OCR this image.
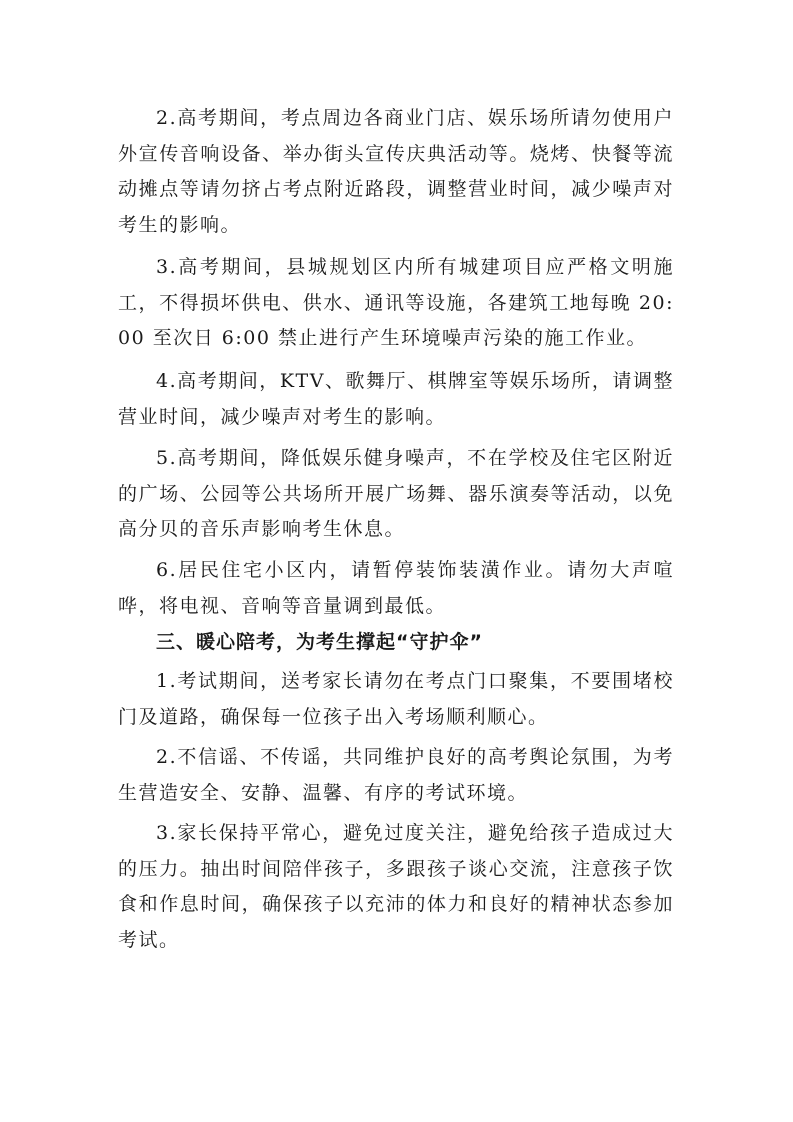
2.高考期间，考点周边各商业门店、娱乐场所请勿使用户外宣传音响设备、举办街头宣传庆典活动等。烧烤、快餐等流动摊点等请勿挤占考点附近路段，调整营业时间，减少噪声对考生的影响。

3.高考期间，县城规划区内所有城建项目应严格文明施工，不得损坏供电、供水、通讯等设施，各建筑工地每晚 20:00 至次日 6:00 禁止进行产生环境噪声污染的施工作业。

4.高考期间，KTV、歌舞厅、棋牌室等娱乐场所，请调整营业时间，减少噪声对考生的影响。

5.高考期间，降低娱乐健身噪声，不在学校及住宅区附近的广场、公园等公共场所开展广场舞、器乐演奏等活动，以免高分贝的音乐声影响考生休息。

6.居民住宅小区内，请暂停装饰装潢作业。请勿大声喧哗，将电视、音响等音量调到最低。

三、暖心陪考，为考生撑起“守护伞”

1.考试期间，送考家长请勿在考点门口聚集，不要围堵校门及道路，确保每一位孩子出入考场顺利顺心。

2.不信谣、不传谣，共同维护良好的高考舆论氛围，为考生营造安全、安静、温馨、有序的考试环境。

3.家长保持平常心，避免过度关注，避免给孩子造成过大的压力。抽出时间陪伴孩子，多跟孩子谈心交流，注意孩子饮食和作息时间，确保孩子以充沛的体力和良好的精神状态参加考试。
